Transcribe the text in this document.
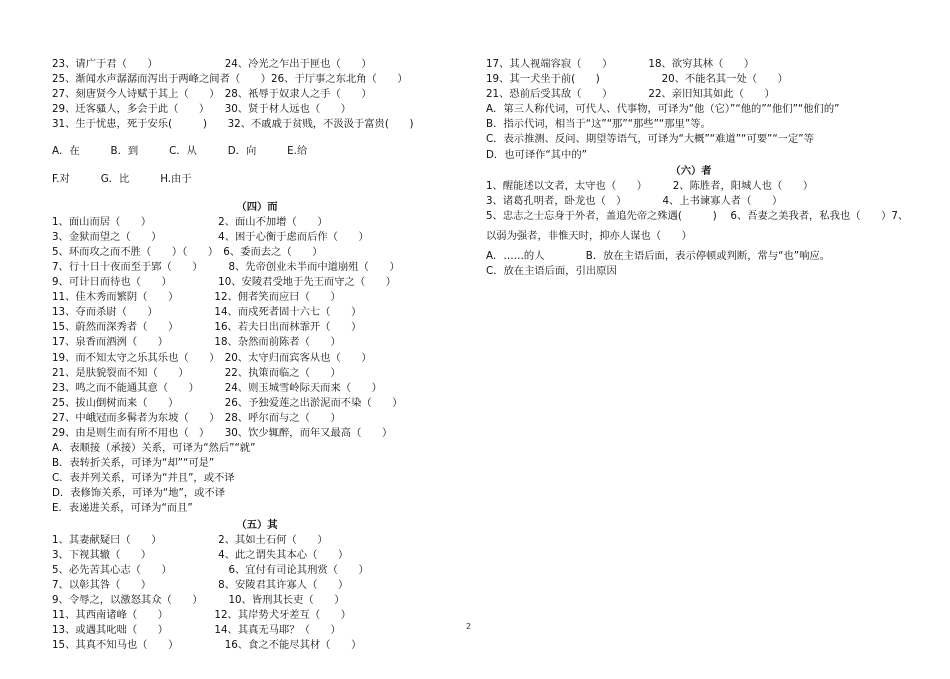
23、请广于君（　　）　　　　　　　24、冷光之乍出于匣也（　　）
25、渐闻水声潺潺而泻出于两峰之间者（　　）26、于厅事之东北角（　　）
27、刻唐贤今人诗赋于其上（　　）　28、衹辱于奴隶人之手（　　）
29、迁客骚人，多会于此（　　）　　30、贤于材人远也（　　）
31、生于忧患，死于安乐(　　　)　　32、不戚戚于贫贱，不汲汲于富贵(　　)
A．在　　　B．到　　　C．从　　　D．向　　　E.给
F.对　　　G．比　　　H.由于
（四）而
1、面山而居（　　）　　　　　　　2、面山不加增（　　）
3、金狱而望之（　　）　　　　　　4、困于心衡于虑而后作（　　）
5、环而攻之而不胜（　　）（　　）　6、委而去之（　　）
7、行十日十夜而至于郢（　　）　　　8、先帝创业未半而中道崩殂（　　）
9、可计日而待也（　　）　　　　　10、安陵君受地于先王而守之（　　）
11、佳木秀而繁阴（　　）　　　　12、佣者笑而应曰（　　）
13、夺而杀尉（　　）　　　　　　14、而戍死者固十六七（　　）
15、蔚然而深秀者（　　）　　　　16、若夫日出而林霏开（　　）
17、泉香而酒洌（　　）　　　　　18、杂然而前陈者（　　）
19、而不知太守之乐其乐也（　　）　20、太守归而宾客从也（　　）
21、是肤貌裂而不知（　　）　　　　22、执策而临之（　　）
23、鸣之而不能通其意（　　）　　　24、则玉城雪岭际天而来（　　）
25、拔山倒树而来（　　）　　　　　26、予独爱莲之出淤泥而不染（　　）
27、中峨冠而多髯者为东坡（　　）　28、呼尔而与之（　　）
29、由是则生而有所不用也（　）　　30、饮少辄醉，而年又最高（　　）
A．表顺接（承接）关系，可译为“然后”“就”
B．表转折关系，可译为“却”“可是”
C．表并列关系，可译为“并且”，或不译
D．表修饰关系，可译为“地”，或不译
E．表递进关系，可译为“而且”
（五）其
1、其妻献疑曰（　　）　　　　　　2、其如土石何（　　）
3、下视其辙（　　）　　　　　　　4、此之谓失其本心（　　）
5、必先苦其心志（　　）　　　　　　6、宜付有司论其刑赏（　　）
7、以彰其咎（　　）　　　　　　　8、安陵君其许寡人（　　）
9、令辱之，以激怒其众（　　）　　　10、皆刑其长吏（　　）
11、其西南诸峰（　　）　　　　　12、其岸势犬牙差互（　　）
13、或遇其叱咄（　　）　　　　　14、其真无马耶？（　　）
15、其真不知马也（　　）　　　　　16、食之不能尽其材（　　）
17、其人视端容寂（　　）　　　　18、欲穷其林（　　）
19、其一犬坐于前(　　)　　　　　　20、不能名其一处（　　）
21、恐前后受其敌（　　）　　　　22、亲旧知其如此（　　）
A．第三人称代词，可代人、代事物，可译为“他（它）”“他的”“他们”“他们的”
B．指示代词，相当于“这”“那”“那些”“那里”等。
C．表示推测、反问、期望等语气，可译为“大概”“难道”“可要”“一定”等
D．也可译作“其中的”
（六）者
1、醒能述以文者，太守也（　　）　　　2、陈胜者，阳城人也（　　）
3、诸葛孔明者，卧龙也（　）　　　　4、上书谏寡人者（　　）
5、忠志之士忘身于外者，盖追先帝之殊遇(　　　)　 6、吾妻之美我者，私我也（　　）7、
以弱为强者，非惟天时，抑亦人谋也（　　）
A．……的人　　　　B．放在主语后面，表示停顿或判断，常与“也”响应。
C．放在主语后面，引出原因
2
